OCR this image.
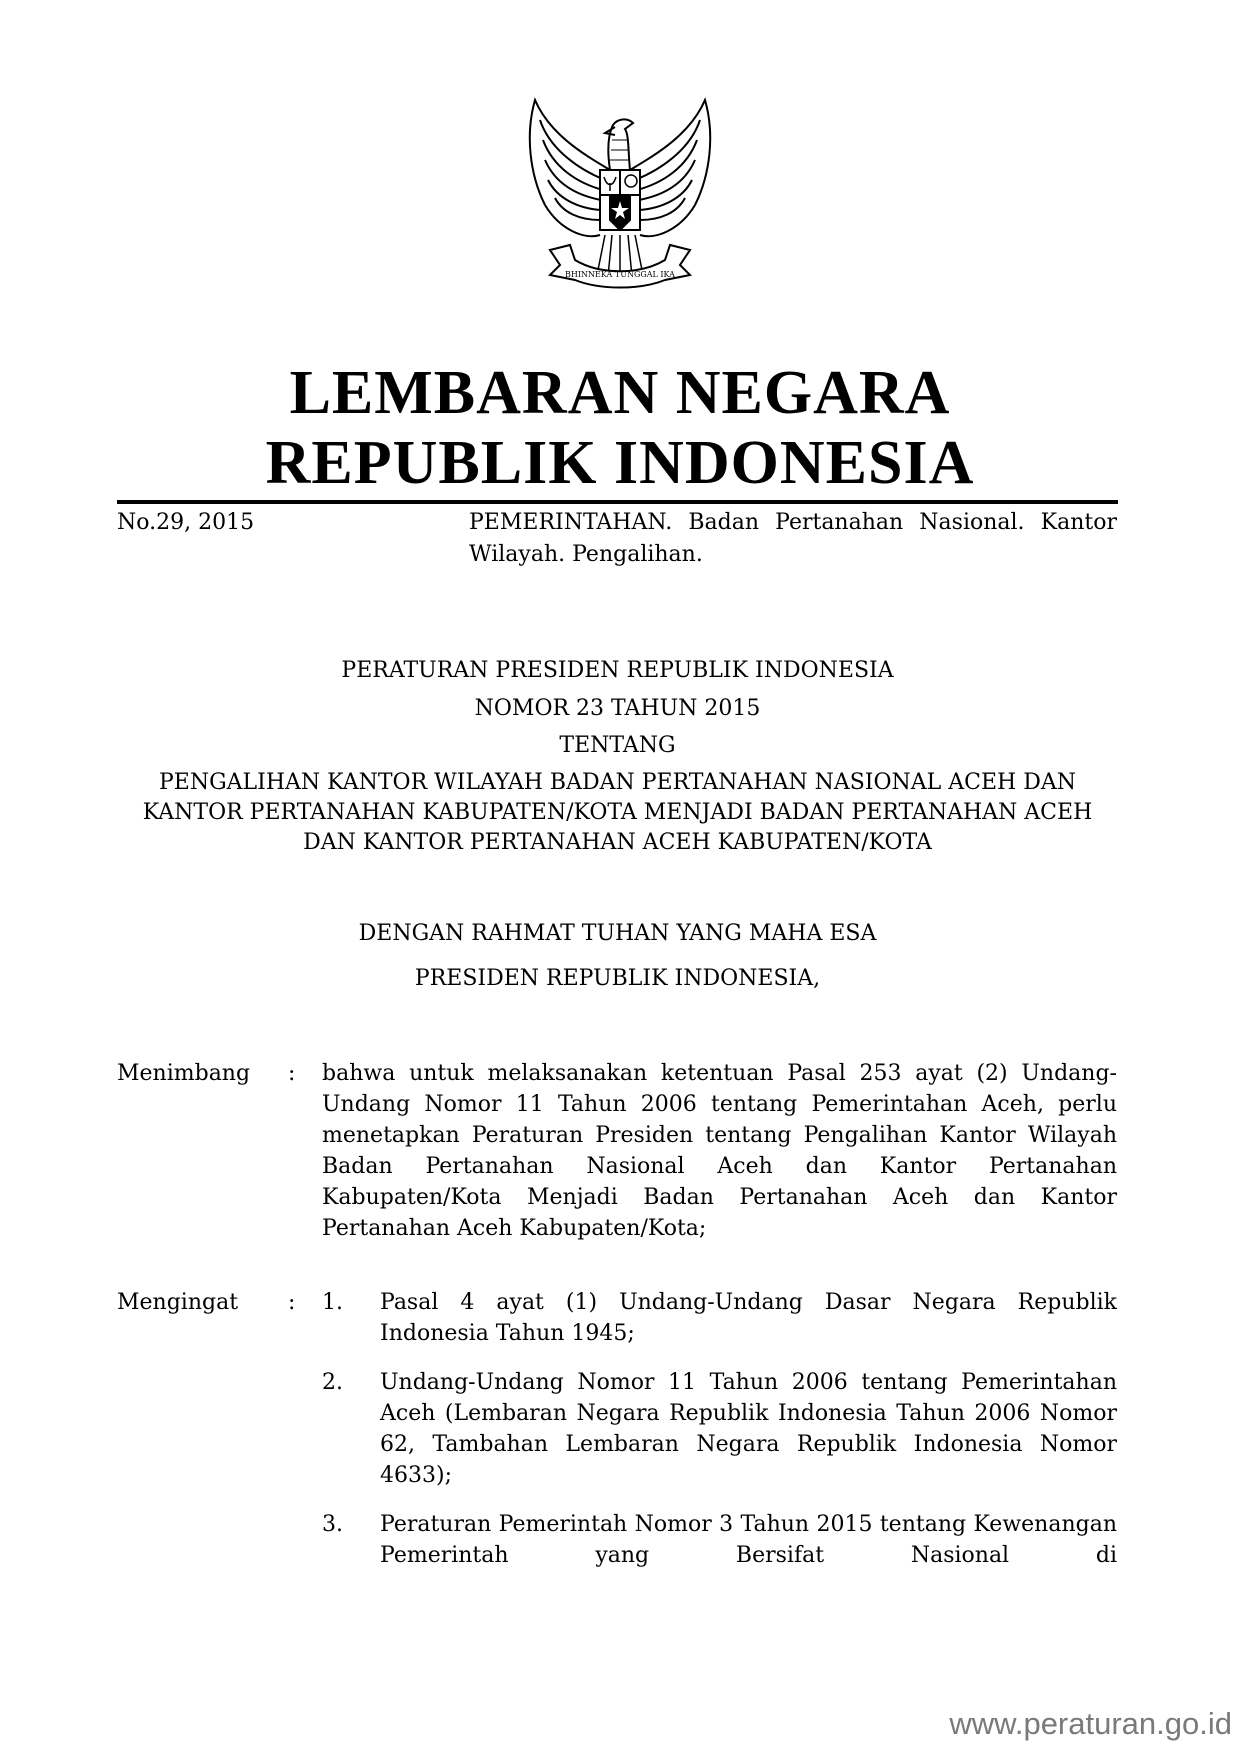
BHINNEKA TUNGGAL IKA
LEMBARAN NEGARA
REPUBLIK INDONESIA
No.29, 2015	PEMERINTAHAN. Badan Pertanahan Nasional. Kantor Wilayah. Pengalihan.
PERATURAN PRESIDEN REPUBLIK INDONESIA
NOMOR 23 TAHUN 2015
TENTANG
PENGALIHAN KANTOR WILAYAH BADAN PERTANAHAN NASIONAL ACEH DAN KANTOR PERTANAHAN KABUPATEN/KOTA MENJADI BADAN PERTANAHAN ACEH DAN KANTOR PERTANAHAN ACEH KABUPATEN/KOTA
DENGAN RAHMAT TUHAN YANG MAHA ESA
PRESIDEN REPUBLIK INDONESIA,
Menimbang : bahwa untuk melaksanakan ketentuan Pasal 253 ayat (2) Undang-Undang Nomor 11 Tahun 2006 tentang Pemerintahan Aceh, perlu menetapkan Peraturan Presiden tentang Pengalihan Kantor Wilayah Badan Pertanahan Nasional Aceh dan Kantor Pertanahan Kabupaten/Kota Menjadi Badan Pertanahan Aceh dan Kantor Pertanahan Aceh Kabupaten/Kota;
Mengingat : 1. Pasal 4 ayat (1) Undang-Undang Dasar Negara Republik Indonesia Tahun 1945;
2. Undang-Undang Nomor 11 Tahun 2006 tentang Pemerintahan Aceh (Lembaran Negara Republik Indonesia Tahun 2006 Nomor 62, Tambahan Lembaran Negara Republik Indonesia Nomor 4633);
3. Peraturan Pemerintah Nomor 3 Tahun 2015 tentang Kewenangan Pemerintah yang Bersifat Nasional di
www.peraturan.go.id
